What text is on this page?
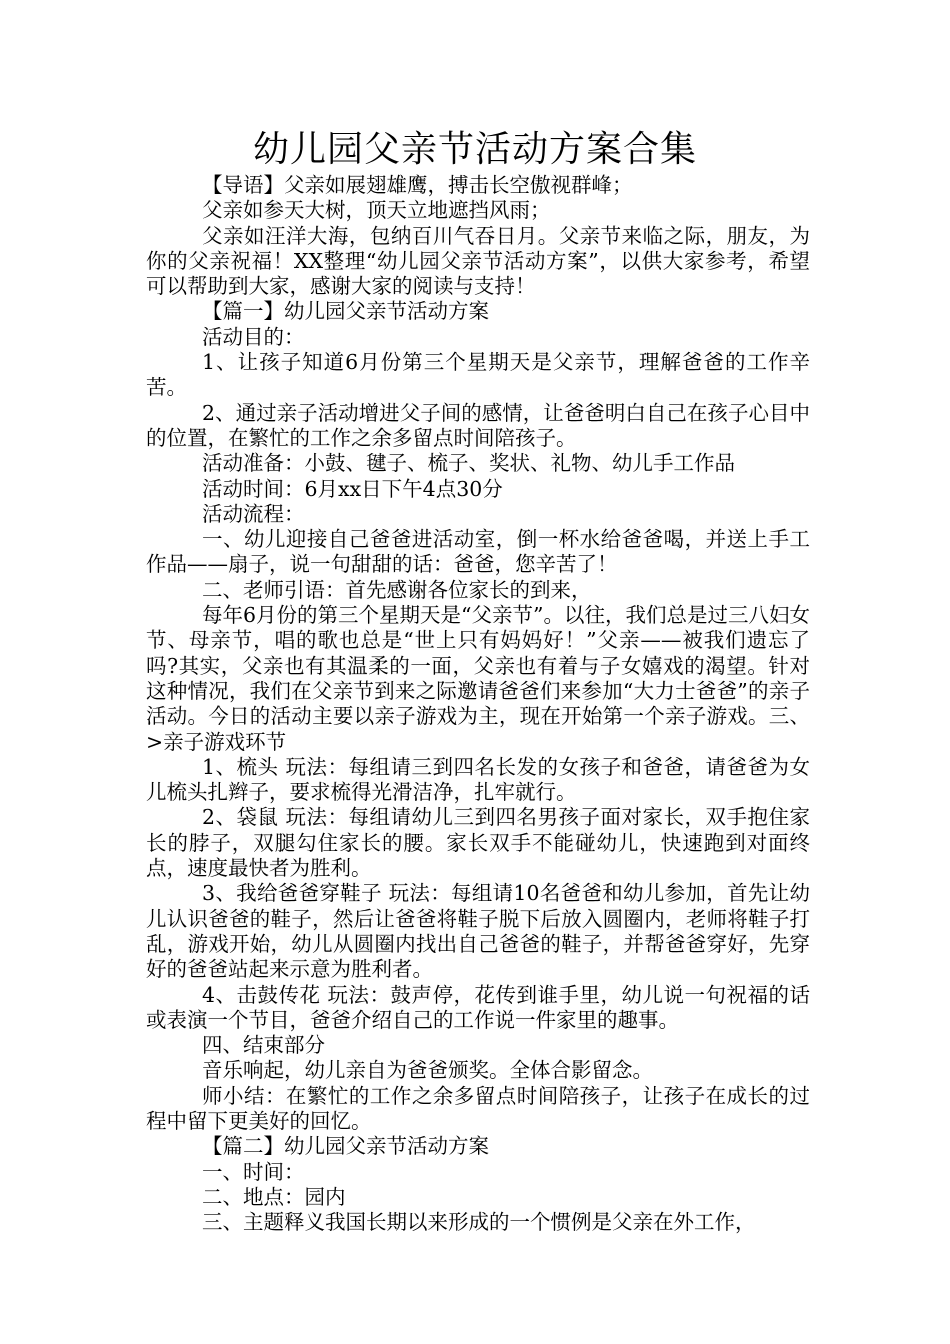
幼儿园父亲节活动方案合集

【导语】父亲如展翅雄鹰，搏击长空傲视群峰；

父亲如参天大树，顶天立地遮挡风雨；

父亲如汪洋大海，包纳百川气吞日月。父亲节来临之际，朋友，为你的父亲祝福！XX整理“幼儿园父亲节活动方案”，以供大家参考，希望可以帮助到大家，感谢大家的阅读与支持！

【篇一】幼儿园父亲节活动方案

活动目的：

1、让孩子知道6月份第三个星期天是父亲节，理解爸爸的工作辛苦。

2、通过亲子活动增进父子间的感情，让爸爸明白自己在孩子心目中的位置，在繁忙的工作之余多留点时间陪孩子。

活动准备：小鼓、毽子、梳子、奖状、礼物、幼儿手工作品

活动时间：6月xx日下午4点30分

活动流程：

一、幼儿迎接自己爸爸进活动室，倒一杯水给爸爸喝，并送上手工作品——扇子，说一句甜甜的话：爸爸，您辛苦了！

二、老师引语：首先感谢各位家长的到来，

每年6月份的第三个星期天是“父亲节”。以往，我们总是过三八妇女节、母亲节，唱的歌也总是“世上只有妈妈好！”父亲——被我们遗忘了吗?其实，父亲也有其温柔的一面，父亲也有着与子女嬉戏的渴望。针对这种情况，我们在父亲节到来之际邀请爸爸们来参加“大力士爸爸”的亲子活动。今日的活动主要以亲子游戏为主，现在开始第一个亲子游戏。三、>亲子游戏环节

1、梳头 玩法：每组请三到四名长发的女孩子和爸爸，请爸爸为女儿梳头扎辫子，要求梳得光滑洁净，扎牢就行。

2、袋鼠 玩法：每组请幼儿三到四名男孩子面对家长，双手抱住家长的脖子，双腿勾住家长的腰。家长双手不能碰幼儿，快速跑到对面终点，速度最快者为胜利。

3、我给爸爸穿鞋子 玩法：每组请10名爸爸和幼儿参加，首先让幼儿认识爸爸的鞋子，然后让爸爸将鞋子脱下后放入圆圈内，老师将鞋子打乱，游戏开始，幼儿从圆圈内找出自己爸爸的鞋子，并帮爸爸穿好，先穿好的爸爸站起来示意为胜利者。

4、击鼓传花 玩法：鼓声停，花传到谁手里，幼儿说一句祝福的话或表演一个节目，爸爸介绍自己的工作说一件家里的趣事。

四、结束部分

音乐响起，幼儿亲自为爸爸颁奖。全体合影留念。

师小结：在繁忙的工作之余多留点时间陪孩子，让孩子在成长的过程中留下更美好的回忆。

【篇二】幼儿园父亲节活动方案

一、时间：

二、地点：园内

三、主题释义我国长期以来形成的一个惯例是父亲在外工作，
